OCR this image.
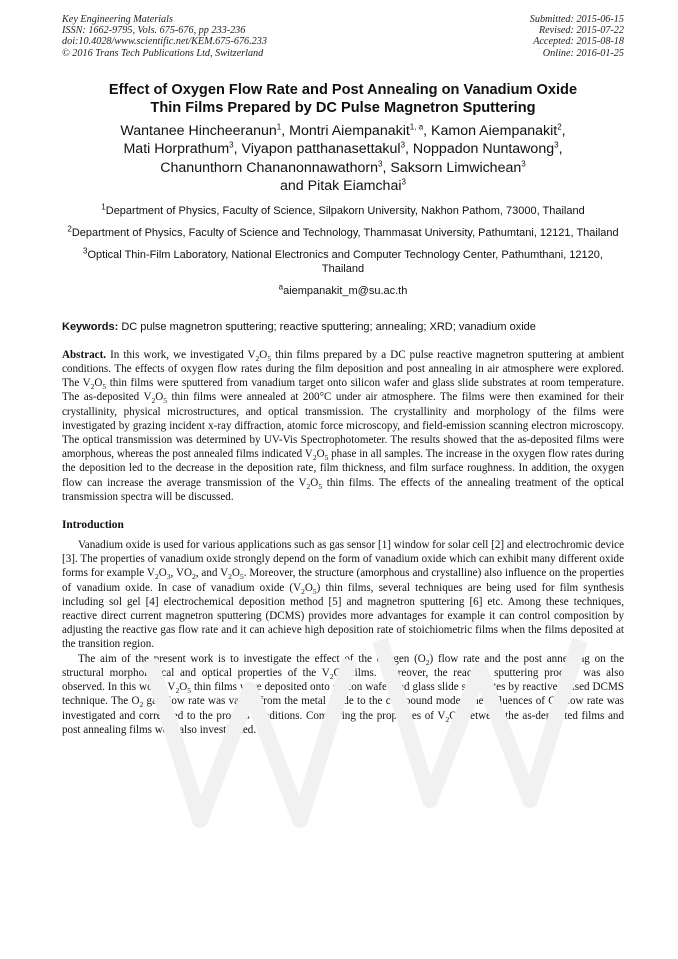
Key Engineering Materials
ISSN: 1662-9795, Vols. 675-676, pp 233-236
doi:10.4028/www.scientific.net/KEM.675-676.233
© 2016 Trans Tech Publications Ltd, Switzerland
Submitted: 2015-06-15
Revised: 2015-07-22
Accepted: 2015-08-18
Online: 2016-01-25
Effect of Oxygen Flow Rate and Post Annealing on Vanadium Oxide
Thin Films Prepared by DC Pulse Magnetron Sputtering
Wantanee Hincheeranun$^1$, Montri Aiempanakit$^{1, a}$, Kamon Aiempanakit$^2$,
Mati Horprathum$^3$, Viyapon patthanasettakul$^3$, Noppadon Nuntawong$^3$,
Chanunthorn Chananonnawathorn$^3$, Saksorn Limwichean$^3$
and Pitak Eiamchai$^3$
$^1$Department of Physics, Faculty of Science, Silpakorn University, Nakhon Pathom, 73000, Thailand
$^2$Department of Physics, Faculty of Science and Technology, Thammasat University, Pathumtani, 12121, Thailand
$^3$Optical Thin-Film Laboratory, National Electronics and Computer Technology Center, Pathumthani, 12120, Thailand
$^a$aiempanakit_m@su.ac.th
Keywords: DC pulse magnetron sputtering; reactive sputtering; annealing; XRD; vanadium oxide
Abstract. In this work, we investigated $V_2O_5$ thin films prepared by a DC pulse reactive magnetron sputtering at ambient conditions. The effects of oxygen flow rates during the film deposition and post annealing in air atmosphere were explored. The $V_2O_5$ thin films were sputtered from vanadium target onto silicon wafer and glass slide substrates at room temperature. The as-deposited $V_2O_5$ thin films were annealed at 200°C under air atmosphere. The films were then examined for their crystallinity, physical microstructures, and optical transmission. The crystallinity and morphology of the films were investigated by grazing incident x-ray diffraction, atomic force microscopy, and field-emission scanning electron microscopy. The optical transmission was determined by UV-Vis Spectrophotometer. The results showed that the as-deposited films were amorphous, whereas the post annealed films indicated $V_2O_5$ phase in all samples. The increase in the oxygen flow rates during the deposition led to the decrease in the deposition rate, film thickness, and film surface roughness. In addition, the oxygen flow can increase the average transmission of the $V_2O_5$ thin films. The effects of the annealing treatment of the optical transmission spectra will be discussed.
Introduction
Vanadium oxide is used for various applications such as gas sensor [1] window for solar cell [2] and electrochromic device [3]. The properties of vanadium oxide strongly depend on the form of vanadium oxide which can exhibit many different oxide forms for example $V_2O_3$, $VO_2$, and $V_2O_5$. Moreover, the structure (amorphous and crystalline) also influence on the properties of vanadium oxide. In case of vanadium oxide $(V_2O_5)$ thin films, several techniques are being used for film synthesis including sol gel [4] electrochemical deposition method [5] and magnetron sputtering [6] etc. Among these techniques, reactive direct current magnetron sputtering (DCMS) provides more advantages for example it can control composition by adjusting the reactive gas flow rate and it can achieve high deposition rate of stoichiometric films when the films deposited at the transition region.
The aim of the present work is to investigate the effect of the oxygen $(O_2)$ flow rate and the post annealing on the structural morphological and optical properties of the $V_2O_5$ films. Moreover, the reactive sputtering process was also observed. In this work, $V_2O_5$ thin films were deposited onto silicon wafer and glass slide substrates by reactive pulsed DCMS technique. The $O_2$ gas flow rate was varied from the metal mode to the compound mode. The influences of $O_2$ flow rate was investigated and correlated to the process conditions. Comparing the properties of $V_2O_5$ between the as-deposited films and post annealing films were also investigated.
